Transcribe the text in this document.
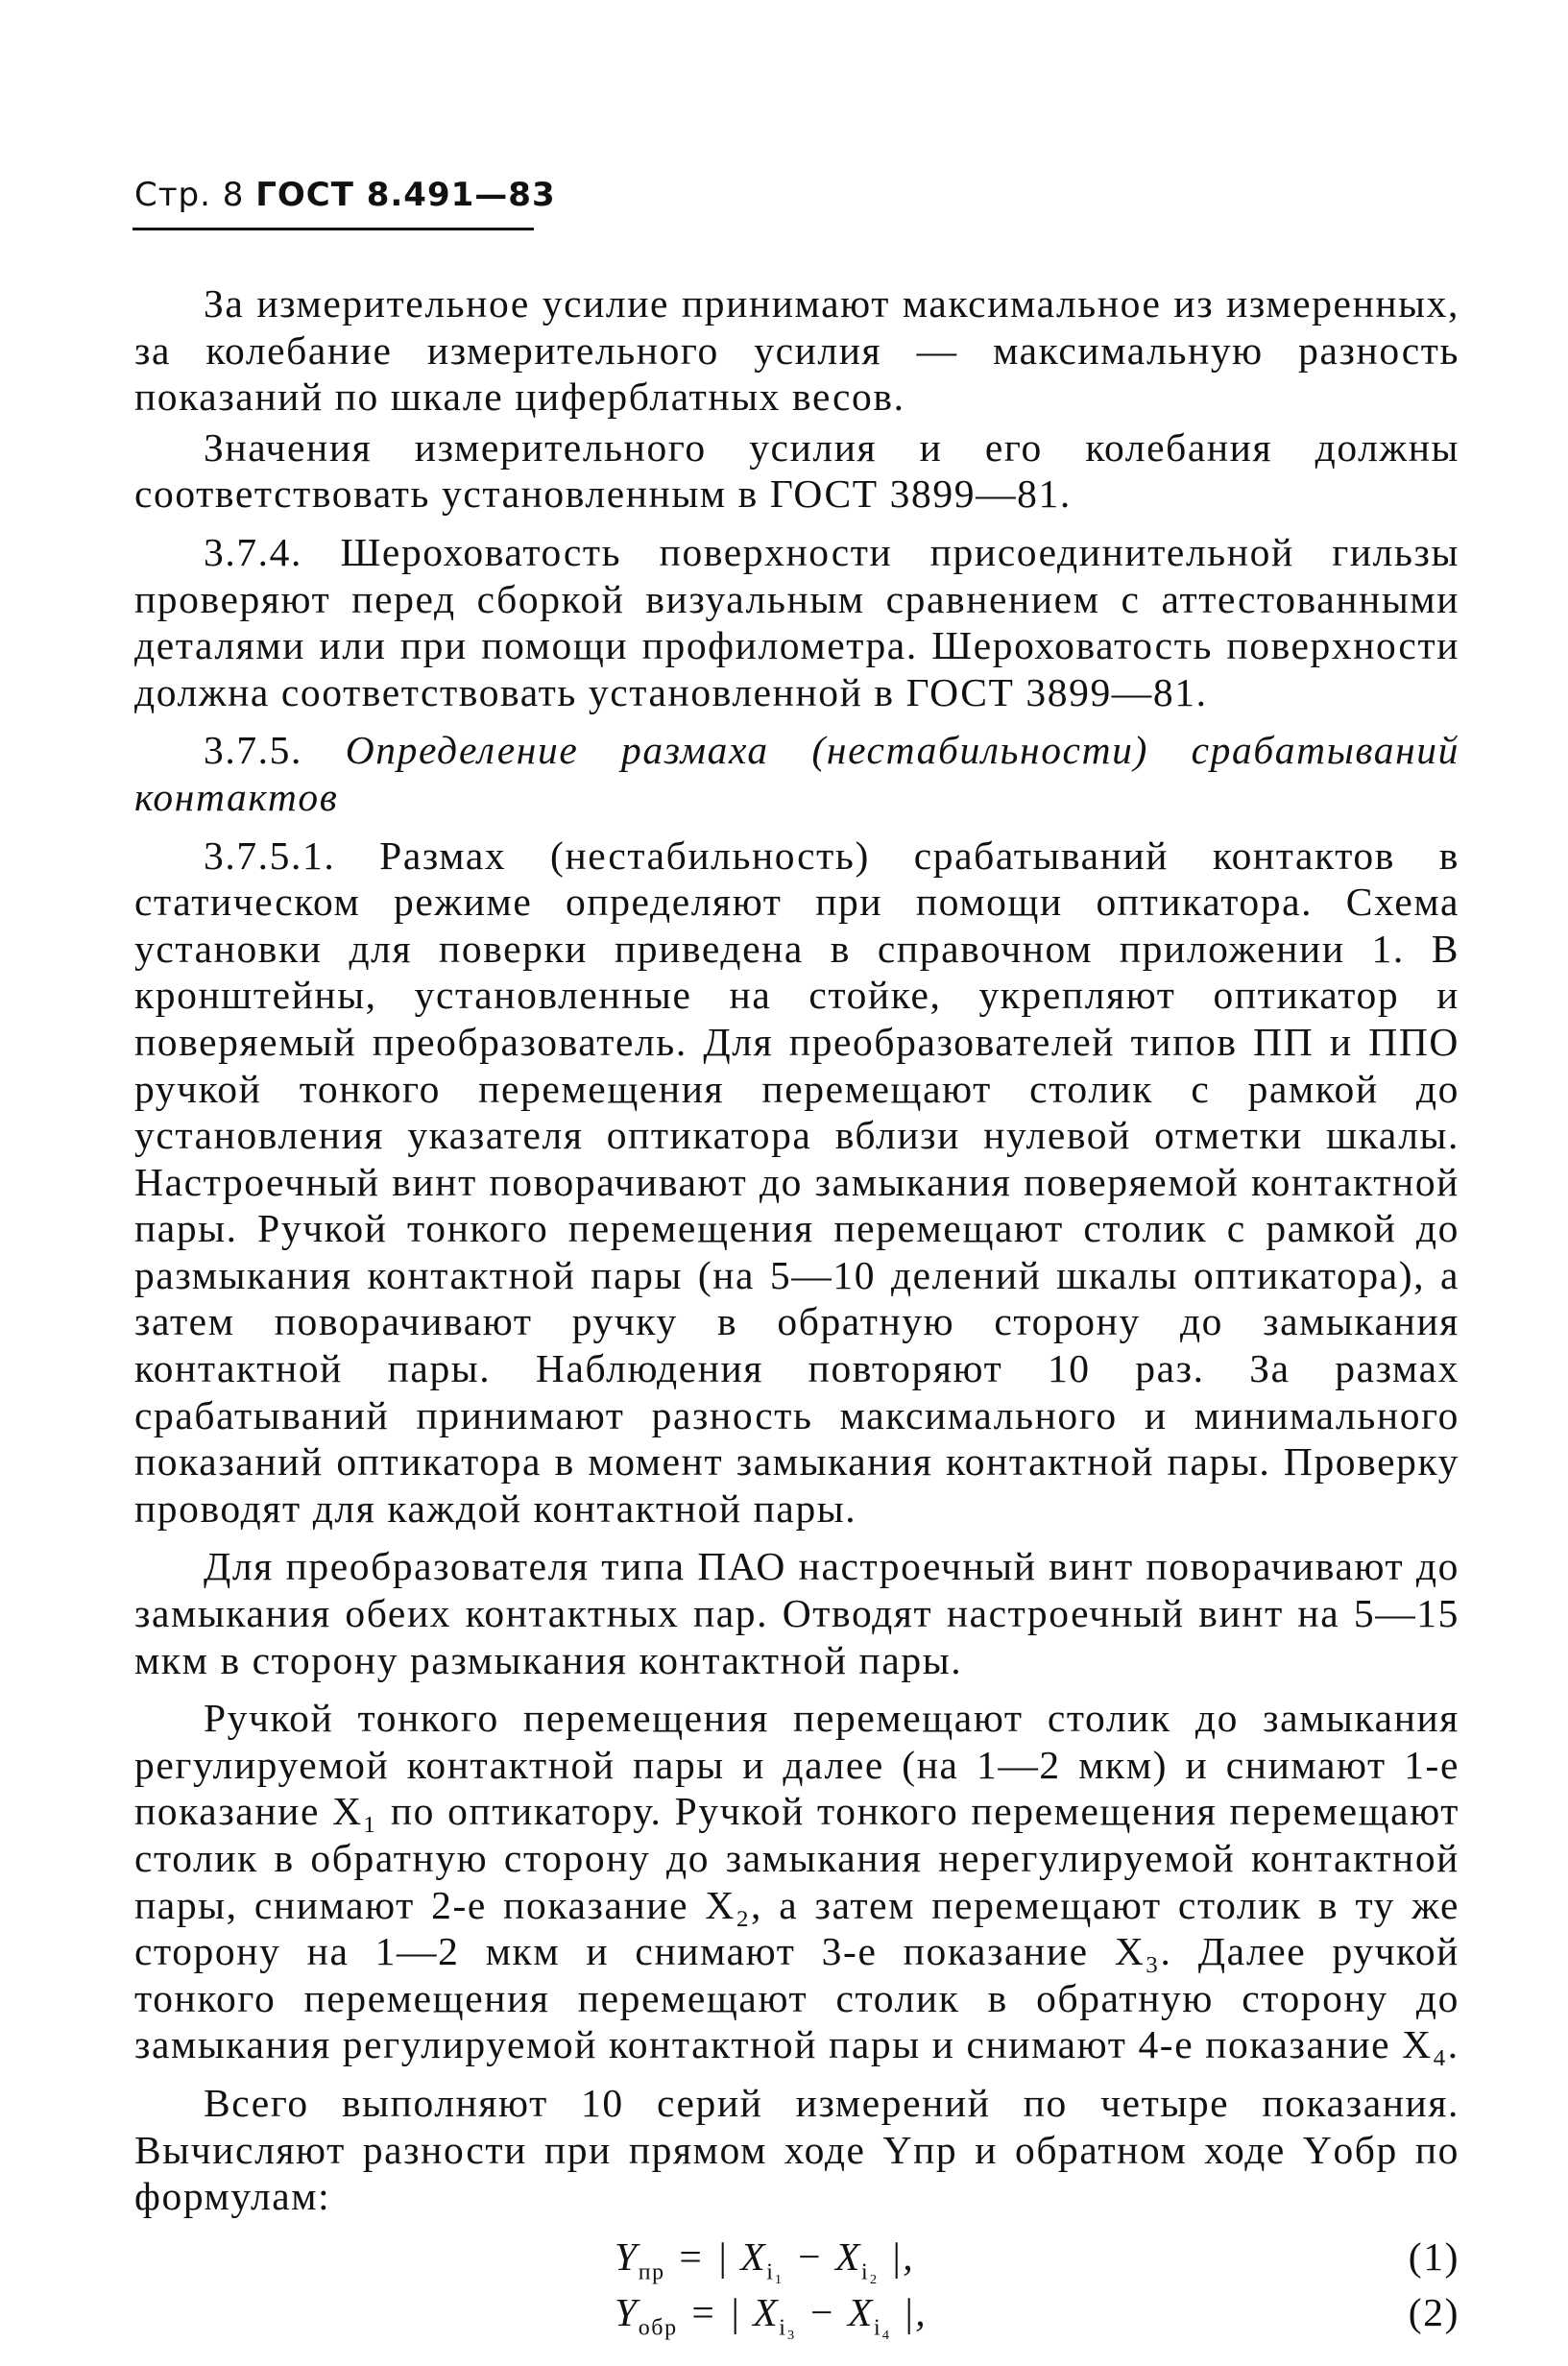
Стр. 8 ГОСТ 8.491—83

За измерительное усилие принимают максимальное из измеренных, за колебание измерительного усилия — максимальную разность показаний по шкале циферблатных весов.

Значения измерительного усилия и его колебания должны соответствовать установленным в ГОСТ 3899—81.

3.7.4. Шероховатость поверхности присоединительной гильзы проверяют перед сборкой визуальным сравнением с аттестованными деталями или при помощи профилометра. Шероховатость поверхности должна соответствовать установленной в ГОСТ 3899—81.

3.7.5. Определение размаха (нестабильности) срабатываний контактов

3.7.5.1. Размах (нестабильность) срабатываний контактов в статическом режиме определяют при помощи оптикатора. Схема установки для поверки приведена в справочном приложении 1. В кронштейны, установленные на стойке, укрепляют оптикатор и поверяемый преобразователь. Для преобразователей типов ПП и ППО ручкой тонкого перемещения перемещают столик с рамкой до установления указателя оптикатора вблизи нулевой отметки шкалы. Настроечный винт поворачивают до замыкания поверяемой контактной пары. Ручкой тонкого перемещения перемещают столик с рамкой до размыкания контактной пары (на 5—10 делений шкалы оптикатора), а затем поворачивают ручку в обратную сторону до замыкания контактной пары. Наблюдения повторяют 10 раз. За размах срабатываний принимают разность максимального и минимального показаний оптикатора в момент замыкания контактной пары. Проверку проводят для каждой контактной пары.

Для преобразователя типа ПАО настроечный винт поворачивают до замыкания обеих контактных пар. Отводят настроечный винт на 5—15 мкм в сторону размыкания контактной пары.

Ручкой тонкого перемещения перемещают столик до замыкания регулируемой контактной пары и далее (на 1—2 мкм) и снимают 1-е показание X₁ по оптикатору. Ручкой тонкого перемещения перемещают столик в обратную сторону до замыкания нерегулируемой контактной пары, снимают 2-е показание X₂, а затем перемещают столик в ту же сторону на 1—2 мкм и снимают 3-е показание X₃. Далее ручкой тонкого перемещения перемещают столик в обратную сторону до замыкания регулируемой контактной пары и снимают 4-е показание X₄.

Всего выполняют 10 серий измерений по четыре показания. Вычисляют разности при прямом ходе Yпр и обратном ходе Yобр по формулам:

$Y_{пр}$ = | $X_{i_1} - X_{i_2}$ |,	(1)
$Y_{обр}$ = | $X_{i_3} - X_{i_4}$ |,	(2)
